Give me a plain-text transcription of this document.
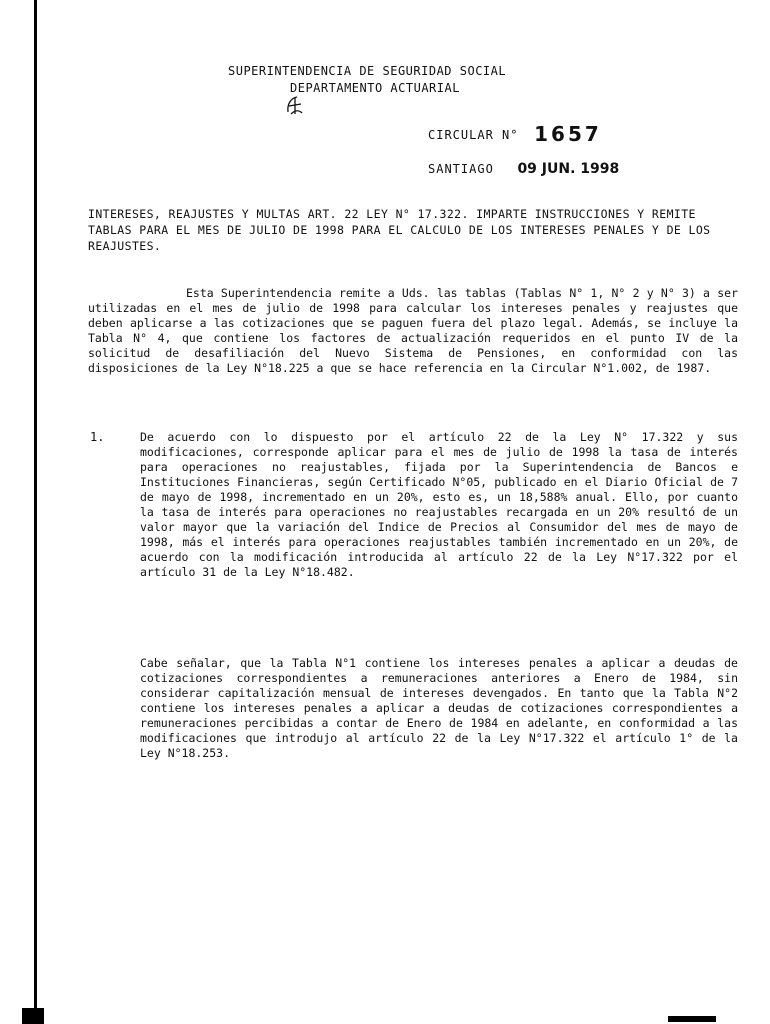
SUPERINTENDENCIA DE SEGURIDAD SOCIAL
DEPARTAMENTO ACTUARIAL
CIRCULAR N° 1657
SANTIAGO 09 JUN. 1998
INTERESES, REAJUSTES Y MULTAS ART. 22 LEY N° 17.322. IMPARTE INSTRUCCIONES Y REMITE TABLAS PARA EL MES DE JULIO DE 1998 PARA EL CALCULO DE LOS INTERESES PENALES Y DE LOS REAJUSTES.
Esta Superintendencia remite a Uds. las tablas (Tablas N° 1, N° 2 y N° 3) a ser utilizadas en el mes de julio de 1998 para calcular los intereses penales y reajustes que deben aplicarse a las cotizaciones que se paguen fuera del plazo legal. Además, se incluye la Tabla N° 4, que contiene los factores de actualización requeridos en el punto IV de la solicitud de desafiliación del Nuevo Sistema de Pensiones, en conformidad con las disposiciones de la Ley N°18.225 a que se hace referencia en la Circular N°1.002, de 1987.
1.	De acuerdo con lo dispuesto por el artículo 22 de la Ley N° 17.322 y sus modificaciones, corresponde aplicar para el mes de julio de 1998 la tasa de interés para operaciones no reajustables, fijada por la Superintendencia de Bancos e Instituciones Financieras, según Certificado N°05, publicado en el Diario Oficial de 7 de mayo de 1998, incrementado en un 20%, esto es, un 18,588% anual. Ello, por cuanto la tasa de interés para operaciones no reajustables recargada en un 20% resultó de un valor mayor que la variación del Indice de Precios al Consumidor del mes de mayo de 1998, más el interés para operaciones reajustables también incrementado en un 20%, de acuerdo con la modificación introducida al artículo 22 de la Ley N°17.322 por el artículo 31 de la Ley N°18.482.
Cabe señalar, que la Tabla N°1 contiene los intereses penales a aplicar a deudas de cotizaciones correspondientes a remuneraciones anteriores a Enero de 1984, sin considerar capitalización mensual de intereses devengados. En tanto que la Tabla N°2 contiene los intereses penales a aplicar a deudas de cotizaciones correspondientes a remuneraciones percibidas a contar de Enero de 1984 en adelante, en conformidad a las modificaciones que introdujo al artículo 22 de la Ley N°17.322 el artículo 1° de la Ley N°18.253.
